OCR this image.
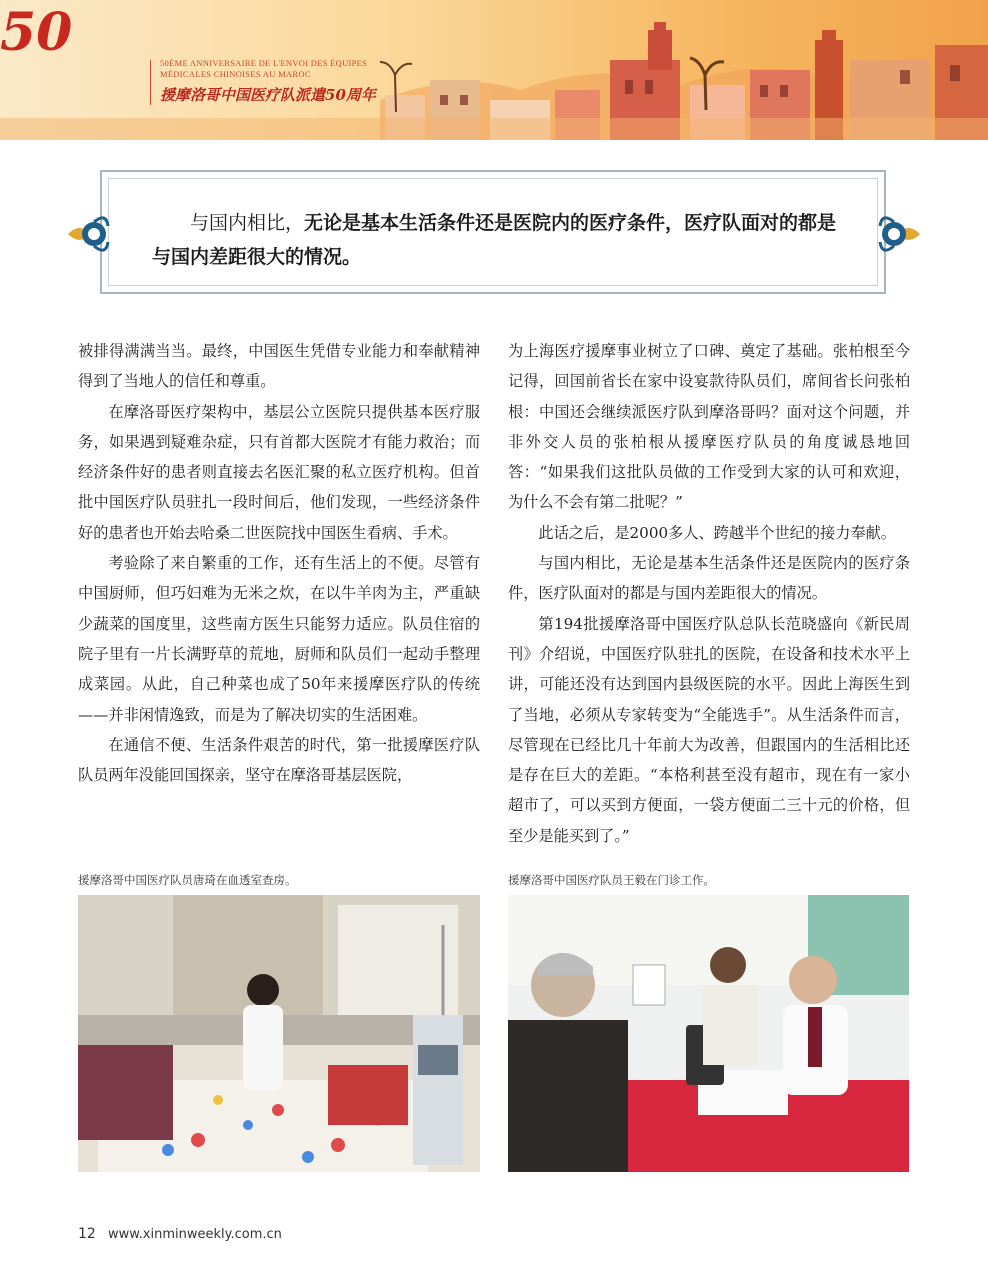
50	50ÈME ANNIVERSAIRE DE L'ENVOI DES ÉQUIPES
MÉDICALES CHINOISES AU MAROC
援摩洛哥中国医疗队派遣50周年
与国内相比，无论是基本生活条件还是医院内的医疗条件，医疗队面对的都是与国内差距很大的情况。

被排得满满当当。最终，中国医生凭借专业能力和奉献精神得到了当地人的信任和尊重。

在摩洛哥医疗架构中，基层公立医院只提供基本医疗服务，如果遇到疑难杂症，只有首都大医院才有能力救治；而经济条件好的患者则直接去名医汇聚的私立医疗机构。但首批中国医疗队员驻扎一段时间后，他们发现，一些经济条件好的患者也开始去哈桑二世医院找中国医生看病、手术。

考验除了来自繁重的工作，还有生活上的不便。尽管有中国厨师，但巧妇难为无米之炊，在以牛羊肉为主，严重缺少蔬菜的国度里，这些南方医生只能努力适应。队员住宿的院子里有一片长满野草的荒地，厨师和队员们一起动手整理成菜园。从此，自己种菜也成了50年来援摩医疗队的传统——并非闲情逸致，而是为了解决切实的生活困难。

在通信不便、生活条件艰苦的时代，第一批援摩医疗队队员两年没能回国探亲，坚守在摩洛哥基层医院，

为上海医疗援摩事业树立了口碑、奠定了基础。张柏根至今记得，回国前省长在家中设宴款待队员们，席间省长问张柏根：中国还会继续派医疗队到摩洛哥吗？面对这个问题，并非外交人员的张柏根从援摩医疗队员的角度诚恳地回答：“如果我们这批队员做的工作受到大家的认可和欢迎，为什么不会有第二批呢？”

此话之后，是2000多人、跨越半个世纪的接力奉献。

与国内相比，无论是基本生活条件还是医院内的医疗条件，医疗队面对的都是与国内差距很大的情况。

第194批援摩洛哥中国医疗队总队长范晓盛向《新民周刊》介绍说，中国医疗队驻扎的医院，在设备和技术水平上讲，可能还没有达到国内县级医院的水平。因此上海医生到了当地，必须从专家转变为“全能选手”。从生活条件而言，尽管现在已经比几十年前大为改善，但跟国内的生活相比还是存在巨大的差距。“本格利甚至没有超市，现在有一家小超市了，可以买到方便面，一袋方便面二三十元的价格，但至少是能买到了。”

援摩洛哥中国医疗队员唐琦在血透室查房。	援摩洛哥中国医疗队员王毅在门诊工作。
12 www.xinminweekly.com.cn
